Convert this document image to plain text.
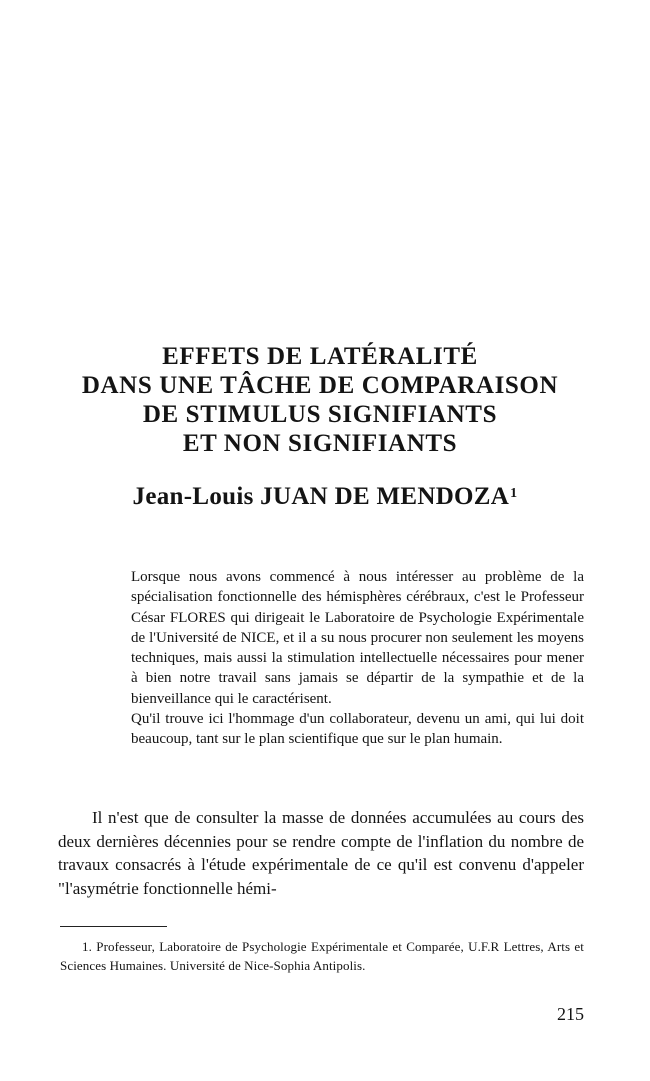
EFFETS DE LATÉRALITÉ
DANS UNE TÂCHE DE COMPARAISON
DE STIMULUS SIGNIFIANTS
ET NON SIGNIFIANTS
Jean-Louis JUAN DE MENDOZA$^1$

Lorsque nous avons commencé à nous intéresser au problème de la spécialisation fonctionnelle des hémisphères cérébraux, c'est le Professeur César FLORES qui dirigeait le Laboratoire de Psychologie Expérimentale de l'Université de NICE, et il a su nous procurer non seulement les moyens techniques, mais aussi la stimulation intellectuelle nécessaires pour mener à bien notre travail sans jamais se départir de la sympathie et de la bienveillance qui le caractérisent.

Qu'il trouve ici l'hommage d'un collaborateur, devenu un ami, qui lui doit beaucoup, tant sur le plan scientifique que sur le plan humain.

Il n'est que de consulter la masse de données accumulées au cours des deux dernières décennies pour se rendre compte de l'inflation du nombre de travaux consacrés à l'étude expérimentale de ce qu'il est convenu d'appeler "l'asymétrie fonctionnelle hémi-

1. Professeur, Laboratoire de Psychologie Expérimentale et Comparée, U.F.R Lettres, Arts et Sciences Humaines. Université de Nice-Sophia Antipolis.

215
